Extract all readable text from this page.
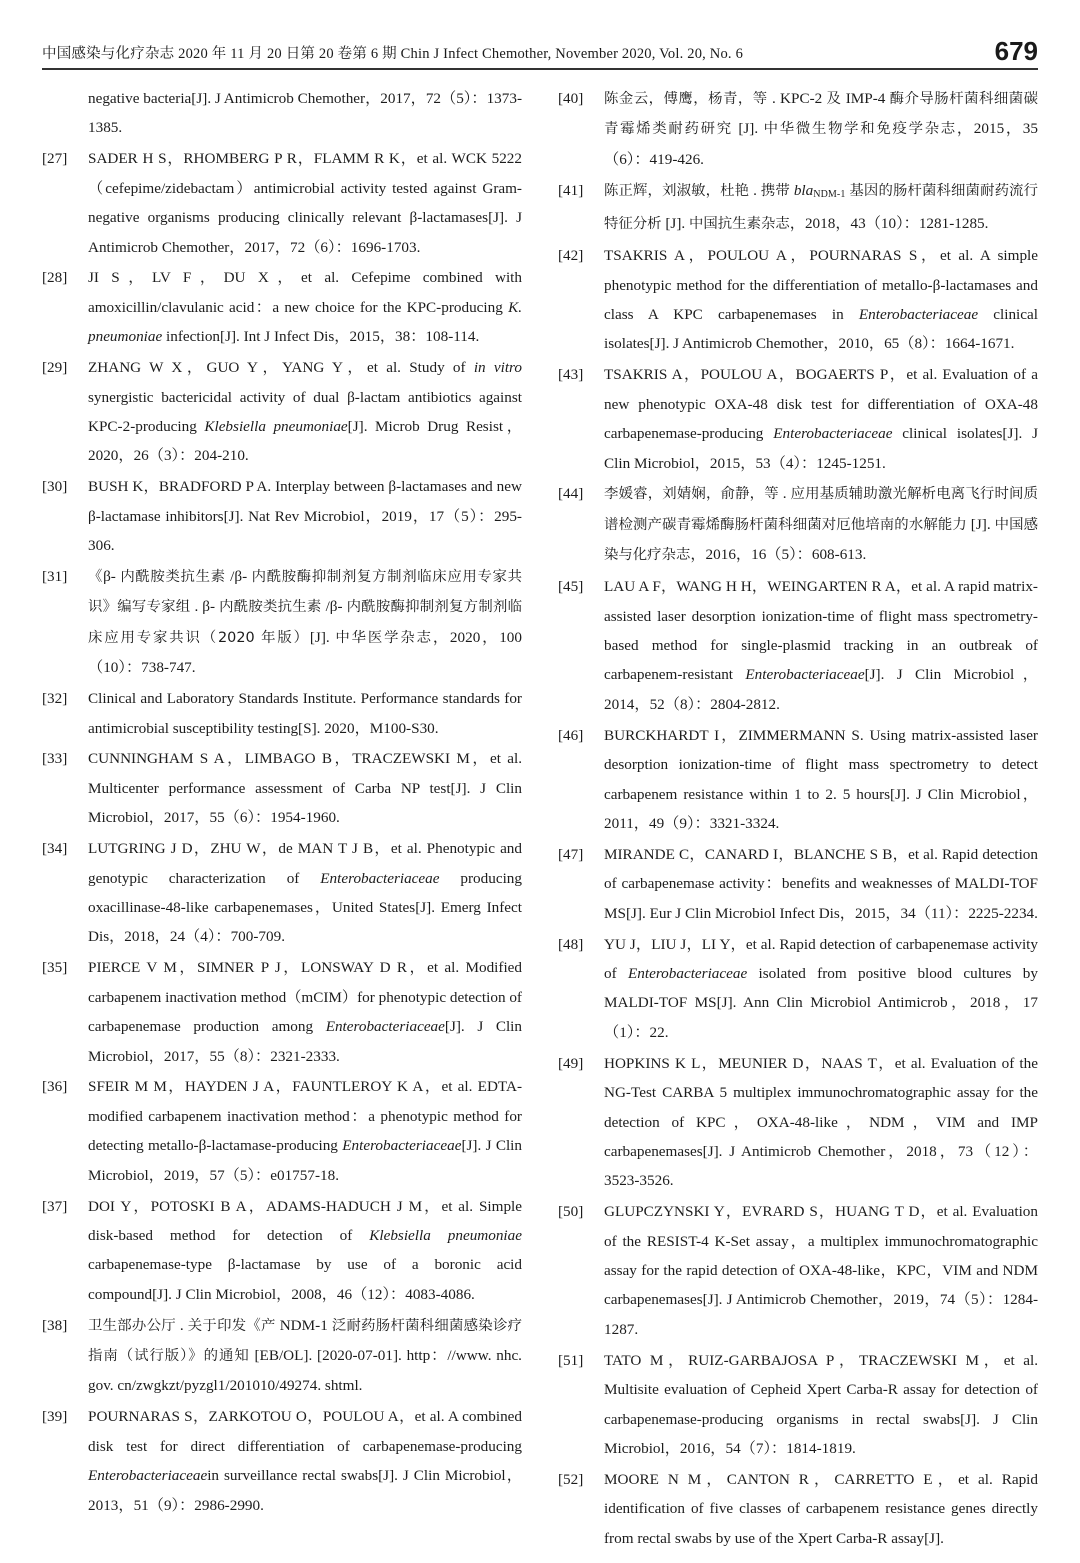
中国感染与化疗杂志 2020 年 11 月 20 日第 20 卷第 6 期 Chin J Infect Chemother, November 2020, Vol. 20, No. 6	679
negative bacteria[J]. J Antimicrob Chemother，2017，72（5）：1373-1385.
[27]	SADER H S，RHOMBERG P R，FLAMM R K，et al. WCK 5222（cefepime/zidebactam）antimicrobial activity tested against Gram-negative organisms producing clinically relevant β-lactamases[J]. J Antimicrob Chemother，2017，72（6）：1696-1703.
[28]	JI S，LV F，DU X，et al. Cefepime combined with amoxicillin/clavulanic acid：a new choice for the KPC-producing K. pneumoniae infection[J]. Int J Infect Dis，2015，38：108-114.
[29]	ZHANG W X，GUO Y，YANG Y，et al. Study of in vitro synergistic bactericidal activity of dual β-lactam antibiotics against KPC-2-producing Klebsiella pneumoniae[J]. Microb Drug Resist，2020，26（3）：204-210.
[30]	BUSH K，BRADFORD P A. Interplay between β-lactamases and new β-lactamase inhibitors[J]. Nat Rev Microbiol，2019，17（5）：295-306.
[31]	《β- 内酰胺类抗生素 /β- 内酰胺酶抑制剂复方制剂临床应用专家共识》编写专家组 . β- 内酰胺类抗生素 /β- 内酰胺酶抑制剂复方制剂临床应用专家共识（2020 年版）[J]. 中华医学杂志，2020，100（10）：738-747.
[32]	Clinical and Laboratory Standards Institute. Performance standards for antimicrobial susceptibility testing[S]. 2020，M100-S30.
[33]	CUNNINGHAM S A，LIMBAGO B，TRACZEWSKI M，et al. Multicenter performance assessment of Carba NP test[J]. J Clin Microbiol，2017，55（6）：1954-1960.
[34]	LUTGRING J D，ZHU W，de MAN T J B，et al. Phenotypic and genotypic characterization of Enterobacteriaceae producing oxacillinase-48-like carbapenemases，United States[J]. Emerg Infect Dis，2018，24（4）：700-709.
[35]	PIERCE V M，SIMNER P J，LONSWAY D R，et al. Modified carbapenem inactivation method（mCIM）for phenotypic detection of carbapenemase production among Enterobacteriaceae[J]. J Clin Microbiol，2017，55（8）：2321-2333.
[36]	SFEIR M M，HAYDEN J A，FAUNTLEROY K A，et al. EDTA-modified carbapenem inactivation method：a phenotypic method for detecting metallo-β-lactamase-producing Enterobacteriaceae[J]. J Clin Microbiol，2019，57（5）：e01757-18.
[37]	DOI Y，POTOSKI B A，ADAMS-HADUCH J M，et al. Simple disk-based method for detection of Klebsiella pneumoniae carbapenemase-type β-lactamase by use of a boronic acid compound[J]. J Clin Microbiol，2008，46（12）：4083-4086.
[38]	卫生部办公厅 . 关于印发《产 NDM-1 泛耐药肠杆菌科细菌感染诊疗指南（试行版）》的通知 [EB/OL]. [2020-07-01]. http：//www. nhc. gov. cn/zwgkzt/pyzgl1/201010/49274. shtml.
[39]	POURNARAS S，ZARKOTOU O，POULOU A，et al. A combined disk test for direct differentiation of carbapenemase-producing Enterobacteriaceaein surveillance rectal swabs[J]. J Clin Microbiol，2013，51（9）：2986-2990.
[40]	陈金云，傅鹰，杨青，等 . KPC-2 及 IMP-4 酶介导肠杆菌科细菌碳青霉烯类耐药研究 [J]. 中华微生物学和免疫学杂志，2015，35（6）：419-426.
[41]	陈正辉，刘淑敏，杜艳 . 携带 bla$_{NDM-1}$ 基因的肠杆菌科细菌耐药流行特征分析 [J]. 中国抗生素杂志，2018，43（10）：1281-1285.
[42]	TSAKRIS A，POULOU A，POURNARAS S，et al. A simple phenotypic method for the differentiation of metallo-β-lactamases and class A KPC carbapenemases in Enterobacteriaceae clinical isolates[J]. J Antimicrob Chemother，2010，65（8）：1664-1671.
[43]	TSAKRIS A，POULOU A，BOGAERTS P，et al. Evaluation of a new phenotypic OXA-48 disk test for differentiation of OXA-48 carbapenemase-producing Enterobacteriaceae clinical isolates[J]. J Clin Microbiol，2015，53（4）：1245-1251.
[44]	李媛睿，刘婧娴，俞静，等 . 应用基质辅助激光解析电离飞行时间质谱检测产碳青霉烯酶肠杆菌科细菌对厄他培南的水解能力 [J]. 中国感染与化疗杂志，2016，16（5）：608-613.
[45]	LAU A F，WANG H H，WEINGARTEN R A，et al. A rapid matrix-assisted laser desorption ionization-time of flight mass spectrometry-based method for single-plasmid tracking in an outbreak of carbapenem-resistant Enterobacteriaceae[J]. J Clin Microbiol，2014，52（8）：2804-2812.
[46]	BURCKHARDT I，ZIMMERMANN S. Using matrix-assisted laser desorption ionization-time of flight mass spectrometry to detect carbapenem resistance within 1 to 2. 5 hours[J]. J Clin Microbiol，2011，49（9）：3321-3324.
[47]	MIRANDE C，CANARD I，BLANCHE S B，et al. Rapid detection of carbapenemase activity：benefits and weaknesses of MALDI-TOF MS[J]. Eur J Clin Microbiol Infect Dis，2015，34（11）：2225-2234.
[48]	YU J，LIU J，LI Y，et al. Rapid detection of carbapenemase activity of Enterobacteriaceae isolated from positive blood cultures by MALDI-TOF MS[J]. Ann Clin Microbiol Antimicrob，2018，17（1）：22.
[49]	HOPKINS K L，MEUNIER D，NAAS T，et al. Evaluation of the NG-Test CARBA 5 multiplex immunochromatographic assay for the detection of KPC，OXA-48-like，NDM，VIM and IMP carbapenemases[J]. J Antimicrob Chemother，2018，73（12）：3523-3526.
[50]	GLUPCZYNSKI Y，EVRARD S，HUANG T D，et al. Evaluation of the RESIST-4 K-Set assay，a multiplex immunochromatographic assay for the rapid detection of OXA-48-like，KPC，VIM and NDM carbapenemases[J]. J Antimicrob Chemother，2019，74（5）：1284-1287.
[51]	TATO M，RUIZ-GARBAJOSA P，TRACZEWSKI M，et al. Multisite evaluation of Cepheid Xpert Carba-R assay for detection of carbapenemase-producing organisms in rectal swabs[J]. J Clin Microbiol，2016，54（7）：1814-1819.
[52]	MOORE N M，CANTON R，CARRETTO E，et al. Rapid identification of five classes of carbapenem resistance genes directly from rectal swabs by use of the Xpert Carba-R assay[J].
